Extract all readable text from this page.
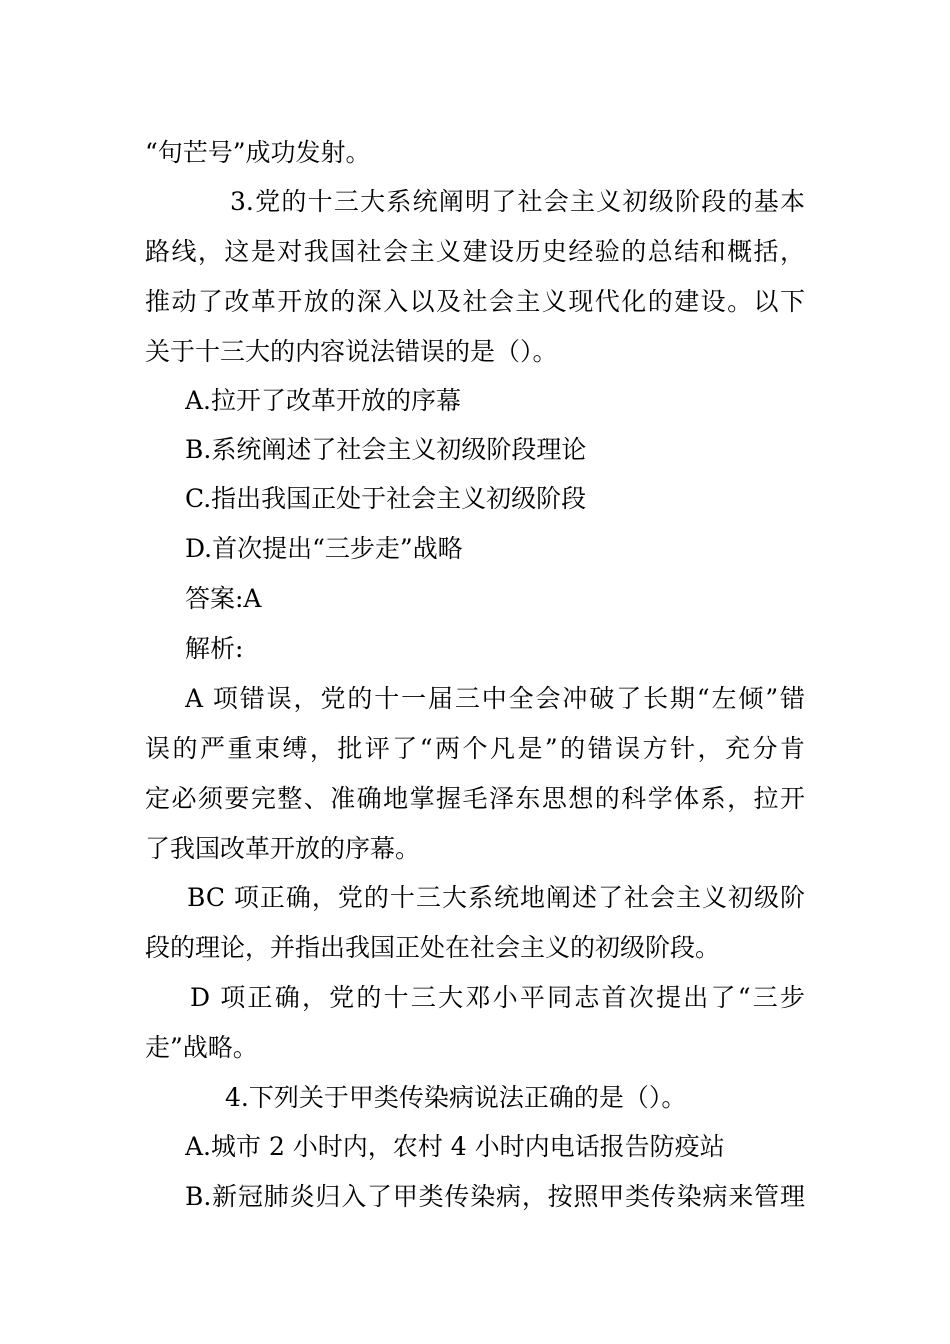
“句芒号”成功发射。
3.党的十三大系统阐明了社会主义初级阶段的基本
路线，这是对我国社会主义建设历史经验的总结和概括，
推动了改革开放的深入以及社会主义现代化的建设。以下
关于十三大的内容说法错误的是（）。
A.拉开了改革开放的序幕
B.系统阐述了社会主义初级阶段理论
C.指出我国正处于社会主义初级阶段
D.首次提出“三步走”战略
答案:A
解析:
A 项错误，党的十一届三中全会冲破了长期“左倾”错
误的严重束缚，批评了“两个凡是”的错误方针，充分肯
定必须要完整、准确地掌握毛泽东思想的科学体系，拉开
了我国改革开放的序幕。
BC 项正确，党的十三大系统地阐述了社会主义初级阶
段的理论，并指出我国正处在社会主义的初级阶段。
D 项正确，党的十三大邓小平同志首次提出了“三步
走”战略。
4.下列关于甲类传染病说法正确的是（）。
A.城市 2 小时内，农村 4 小时内电话报告防疫站
B.新冠肺炎归入了甲类传染病，按照甲类传染病来管理
